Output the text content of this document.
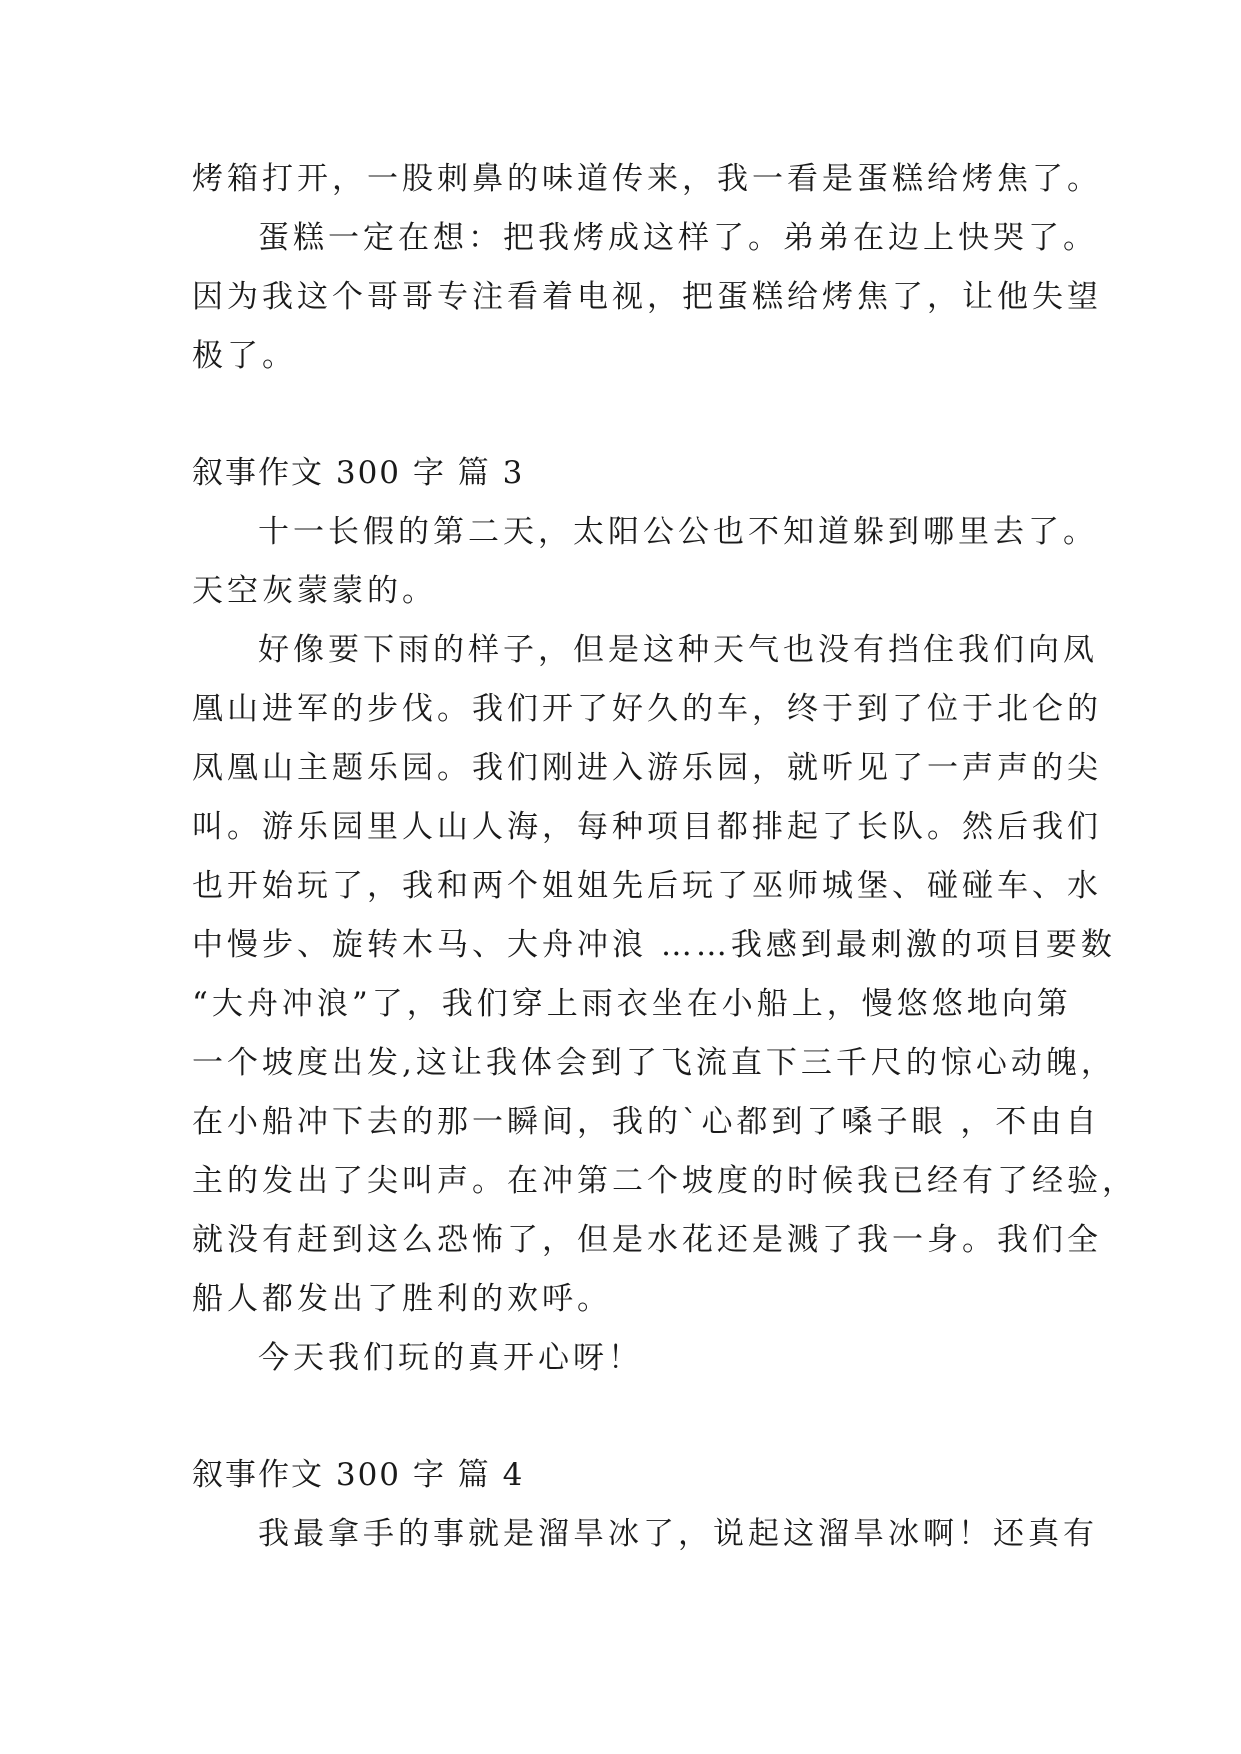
烤箱打开，一股刺鼻的味道传来，我一看是蛋糕给烤焦了。
蛋糕一定在想：把我烤成这样了。弟弟在边上快哭了。
因为我这个哥哥专注看着电视，把蛋糕给烤焦了，让他失望
极了。
叙事作文 300 字 篇 3
十一长假的第二天，太阳公公也不知道躲到哪里去了。
天空灰蒙蒙的。
好像要下雨的样子，但是这种天气也没有挡住我们向凤
凰山进军的步伐。我们开了好久的车，终于到了位于北仑的
凤凰山主题乐园。我们刚进入游乐园，就听见了一声声的尖
叫。游乐园里人山人海，每种项目都排起了长队。然后我们
也开始玩了，我和两个姐姐先后玩了巫师城堡、碰碰车、水
中慢步、旋转木马、大舟冲浪 ……我感到最刺激的项目要数
“大舟冲浪”了，我们穿上雨衣坐在小船上，慢悠悠地向第
一个坡度出发,这让我体会到了飞流直下三千尺的惊心动魄，
在小船冲下去的那一瞬间，我的`心都到了嗓子眼 ，不由自
主的发出了尖叫声。在冲第二个坡度的时候我已经有了经验，
就没有赶到这么恐怖了，但是水花还是溅了我一身。我们全
船人都发出了胜利的欢呼。
今天我们玩的真开心呀！
叙事作文 300 字 篇 4
我最拿手的事就是溜旱冰了，说起这溜旱冰啊！还真有
